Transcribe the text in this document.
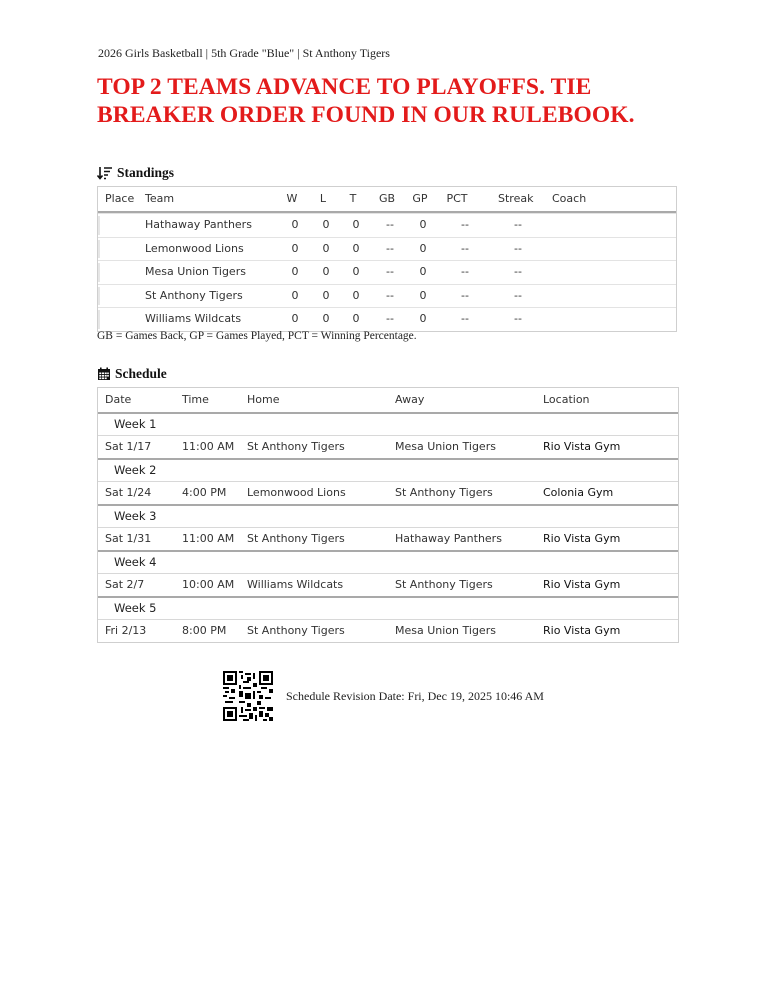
2026 Girls Basketball | 5th Grade "Blue" | St Anthony Tigers
TOP 2 TEAMS ADVANCE TO PLAYOFFS. TIE BREAKER ORDER FOUND IN OUR RULEBOOK.
Standings
Place Team	W	L	T	GB	GP	PCT	Streak Coach
Hathaway Panthers	0	0	0	--	0	--	--
Lemonwood Lions	0	0	0	--	0	--	--
Mesa Union Tigers	0	0	0	--	0	--	--
St Anthony Tigers	0	0	0	--	0	--	--
Williams Wildcats	0	0	0	--	0	--	--
GB = Games Back, GP = Games Played, PCT = Winning Percentage.
Schedule
Date	Time	Home	Away	Location
Week 1
Sat 1/17	11:00 AM St Anthony Tigers	Mesa Union Tigers	Rio Vista Gym
Week 2
Sat 1/24	4:00 PM Lemonwood Lions	St Anthony Tigers	Colonia Gym
Week 3
Sat 1/31	11:00 AM St Anthony Tigers	Hathaway Panthers	Rio Vista Gym
Week 4
Sat 2/7	10:00 AM Williams Wildcats	St Anthony Tigers	Rio Vista Gym
Week 5
Fri 2/13	8:00 PM St Anthony Tigers	Mesa Union Tigers	Rio Vista Gym
Schedule Revision Date: Fri, Dec 19, 2025 10:46 AM
